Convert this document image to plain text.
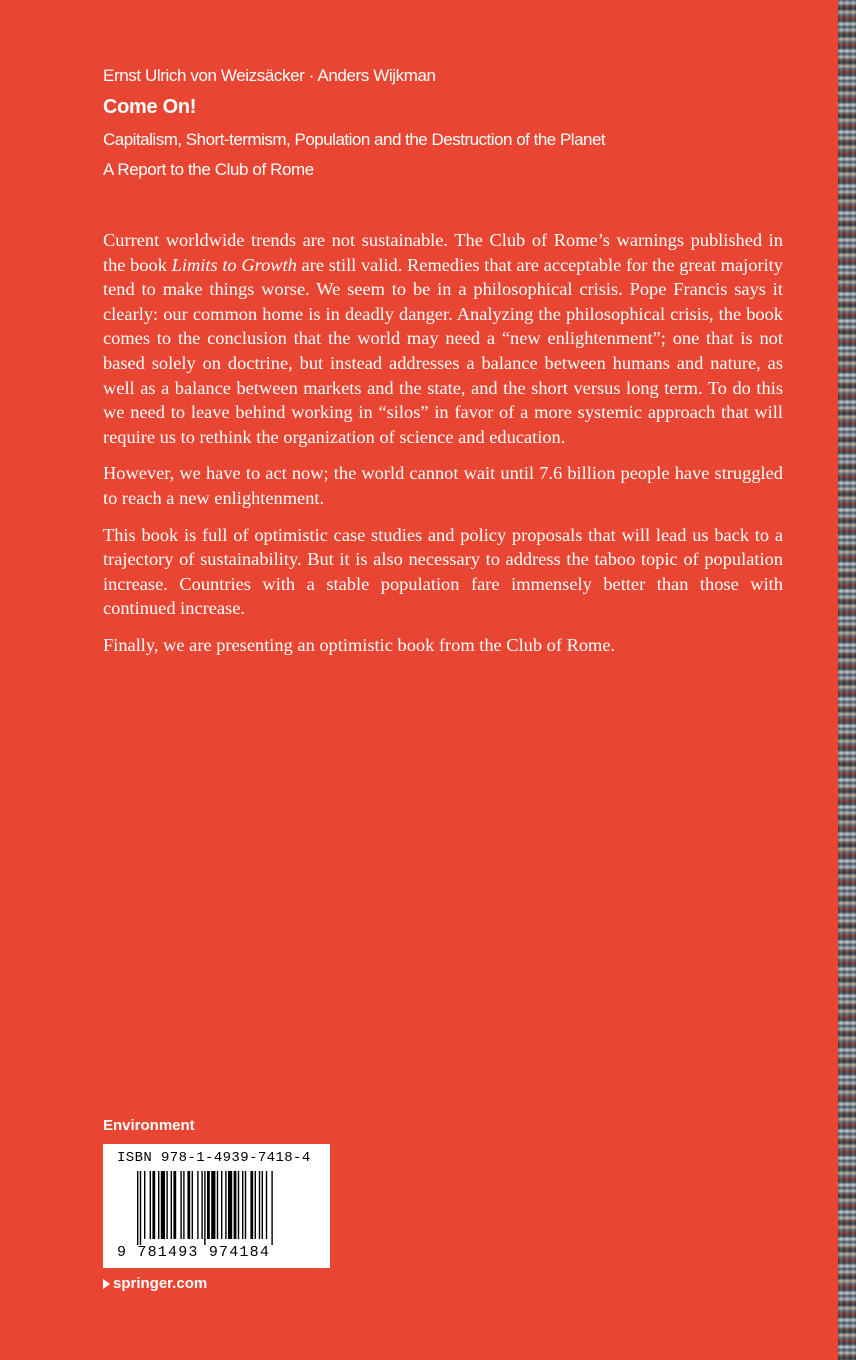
Ernst Ulrich von Weizsäcker · Anders Wijkman
Come On!
Capitalism, Short-termism, Population and the Destruction of the Planet
A Report to the Club of Rome

Current worldwide trends are not sustainable. The Club of Rome’s warnings published in the book Limits to Growth are still valid. Remedies that are acceptable for the great majority tend to make things worse. We seem to be in a philosophical crisis. Pope Francis says it clearly: our common home is in deadly danger. Analyzing the philosophical crisis, the book comes to the conclusion that the world may need a “new enlightenment”; one that is not based solely on doctrine, but instead addresses a balance between humans and nature, as well as a balance between markets and the state, and the short versus long term. To do this we need to leave behind working in “silos” in favor of a more systemic approach that will require us to rethink the organization of science and education.

However, we have to act now; the world cannot wait until 7.6 billion people have struggled to reach a new enlightenment.

This book is full of optimistic case studies and policy proposals that will lead us back to a trajectory of sustainability. But it is also necessary to address the taboo topic of population increase. Countries with a stable population fare immensely better than those with continued increase.

Finally, we are presenting an optimistic book from the Club of Rome.

Environment
ISBN 978-1-4939-7418-4
9 781493 974184
springer.com
